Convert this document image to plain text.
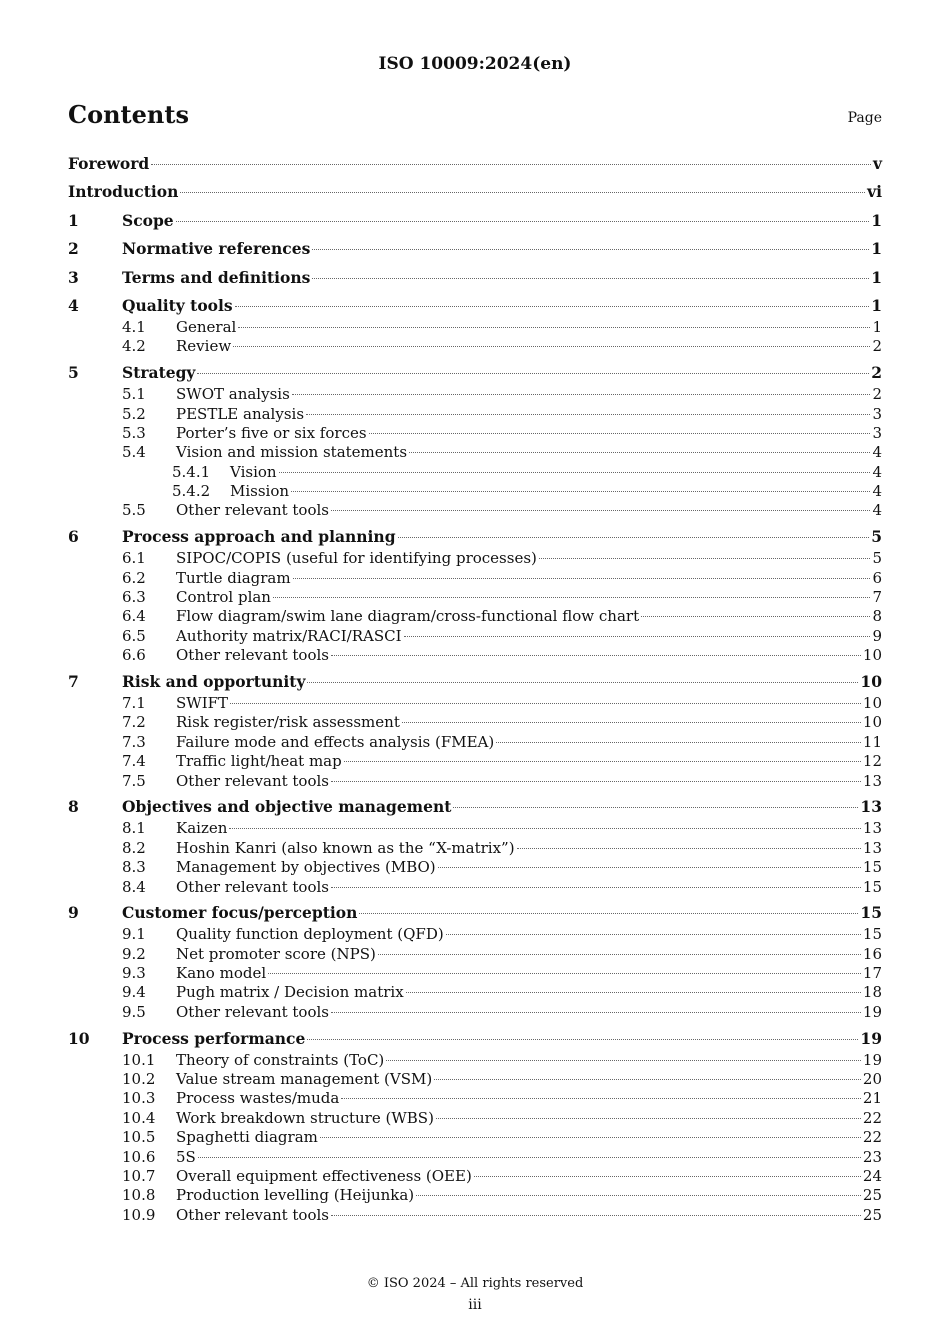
ISO 10009:2024(en)
Contents	Page
Foreword	v
Introduction	vi
1	Scope	1
2	Normative references	1
3	Terms and definitions	1
4	Quality tools	1
4.1	General	1
4.2	Review	2
5	Strategy	2
5.1	SWOT analysis	2
5.2	PESTLE analysis	3
5.3	Porter’s five or six forces	3
5.4	Vision and mission statements	4
5.4.1	Vision	4
5.4.2	Mission	4
5.5	Other relevant tools	4
6	Process approach and planning	5
6.1	SIPOC/COPIS (useful for identifying processes)	5
6.2	Turtle diagram	6
6.3	Control plan	7
6.4	Flow diagram/swim lane diagram/cross-functional flow chart	8
6.5	Authority matrix/RACI/RASCI	9
6.6	Other relevant tools	10
7	Risk and opportunity	10
7.1	SWIFT	10
7.2	Risk register/risk assessment	10
7.3	Failure mode and effects analysis (FMEA)	11
7.4	Traffic light/heat map	12
7.5	Other relevant tools	13
8	Objectives and objective management	13
8.1	Kaizen	13
8.2	Hoshin Kanri (also known as the “X-matrix”)	13
8.3	Management by objectives (MBO)	15
8.4	Other relevant tools	15
9	Customer focus/perception	15
9.1	Quality function deployment (QFD)	15
9.2	Net promoter score (NPS)	16
9.3	Kano model	17
9.4	Pugh matrix / Decision matrix	18
9.5	Other relevant tools	19
10	Process performance	19
10.1	Theory of constraints (ToC)	19
10.2	Value stream management (VSM)	20
10.3	Process wastes/muda	21
10.4	Work breakdown structure (WBS)	22
10.5	Spaghetti diagram	22
10.6	5S	23
10.7	Overall equipment effectiveness (OEE)	24
10.8	Production levelling (Heijunka)	25
10.9	Other relevant tools	25
© ISO 2024 – All rights reserved
iii
